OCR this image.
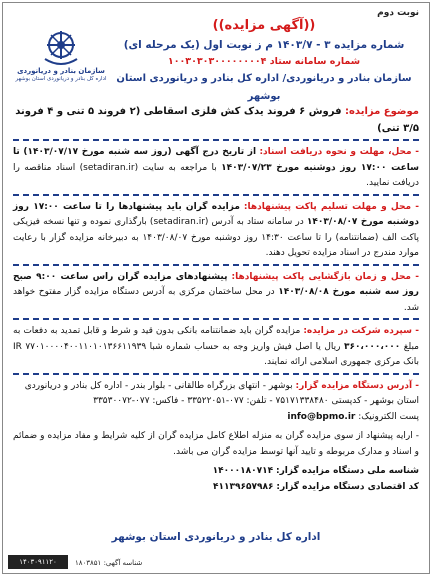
نوبت دوم
((آگهی مزایده))
شماره مزایده ۳ - ۱۴۰۳/۷ م ز نوبت اول (یک مرحله ای)
شماره سامانه ستاد ۱۰۰۳۰۳۰۳۰۰۰۰۰۰۰۰۴
سازمان بنادر و دریانوردی/ اداره کل بنادر و دریانوردی استان بوشهر
سازمان بنادر و دریانوردی
اداره کل بنادر و دریانوردی استان بوشهر
موضوع مزایده: فروش ۶ فروند یدک کش فلزی اسقاطی (۲ فروند ۵ تنی و ۴ فروند ۳/۵ تنی)
- محل، مهلت و نحوه دریافت اسناد: از تاریخ درج آگهی (روز سه شنبه مورخ ۱۴۰۳/۰۷/۱۷) تا ساعت ۱۷:۰۰ روز دوشنبه مورخ ۱۴۰۳/۰۷/۲۳ با مراجعه به سایت (setadiran.ir) اسناد مناقصه را دریافت نمایید.
- محل و مهلت تسلیم پاکت پیشنهادها: مزایده گران باید پیشنهادها را تا ساعت ۱۷:۰۰ روز دوشنبه مورخ ۱۴۰۳/۰۸/۰۷ در سامانه ستاد به آدرس (setadiran.ir) بارگذاری نموده و تنها نسخه فیزیکی پاکت الف (ضمانتنامه) را تا ساعت ۱۴:۳۰ روز دوشنبه مورخ ۱۴۰۳/۰۸/۰۷ به دبیرخانه مزایده گزار با رعایت موارد مندرج در اسناد مزایده تحویل دهند.
- محل و زمان بازگشایی پاکت پیشنهادها: پیشنهادهای مزایده گران راس ساعت ۹:۰۰ صبح روز سه شنبه مورخ ۱۴۰۳/۰۸/۰۸ در محل ساختمان مرکزی به آدرس دستگاه مزایده گزار مفتوح خواهد شد.
- سپرده شرکت در مزایده: مزایده گران باید ضمانتنامه بانکی بدون قید و شرط و قابل تمدید به دفعات به مبلغ ۳۶۰،۰۰۰،۰۰۰ ریال یا اصل فیش واریز وجه به حساب شماره شبا IR ۷۷۰۱۰۰۰۰۴۰۰۱۱۰۱۰۱۳۶۶۱۱۹۳۹ بانک مرکزی جمهوری اسلامی ارائه نمایند.
- آدرس دستگاه مزایده گزار: بوشهر - انتهای بزرگراه طالقانی - بلوار بندر - اداره کل بنادر و دریانوردی استان بوشهر - کدپستی ۷۵۱۷۱۳۳۸۴۸۰ - تلفن: ۰۷۷-۳۳۵۲۲۰۵۱ - فاکس: ۰۷۷-۳۳۵۳۰۰۷۲
پست الکترونیک: info@bpmo.ir
- ارایه پیشنهاد از سوی مزایده گران به منزله اطلاع کامل مزایده گران از کلیه شرایط و مفاد مزایده و ضمائم و اسناد و مدارک مربوطه و تایید آنها توسط مزایده گران می باشد.
شناسه ملی دستگاه مزایده گزار: ۱۴۰۰۰۱۸۰۷۱۴
کد اقتصادی دستگاه مزایده گزار: ۴۱۱۳۹۶۵۷۹۸۶
اداره کل بنادر و دریانوردی استان بوشهر
۱۴۰۳۰۹۱۱۲۰	شناسه آگهی: ۱۸۰۳۸۵۱
